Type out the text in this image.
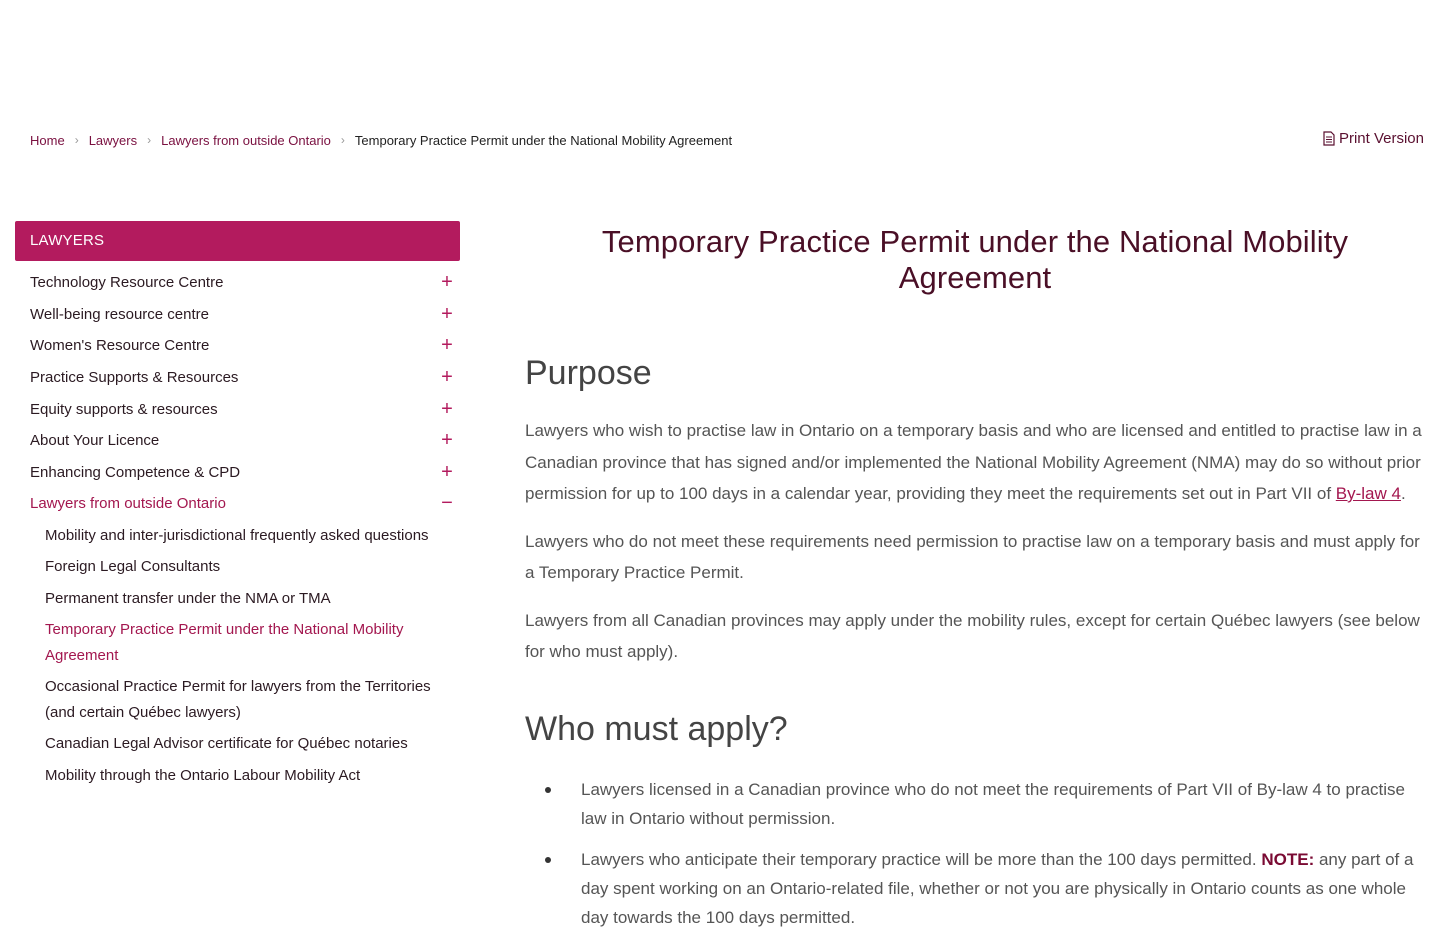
Home › Lawyers › Lawyers from outside Ontario › Temporary Practice Permit under the National Mobility Agreement	Print Version
LAWYERS
Technology Resource Centre	+
Well-being resource centre	+
Women's Resource Centre	+
Practice Supports & Resources	+
Equity supports & resources	+
About Your Licence	+
Enhancing Competence & CPD	+
Lawyers from outside Ontario	−
Mobility and inter-jurisdictional frequently asked questions
Foreign Legal Consultants
Permanent transfer under the NMA or TMA
Temporary Practice Permit under the National Mobility Agreement
Occasional Practice Permit for lawyers from the Territories (and certain Québec lawyers)
Canadian Legal Advisor certificate for Québec notaries
Mobility through the Ontario Labour Mobility Act
Temporary Practice Permit under the National Mobility Agreement
Purpose

Lawyers who wish to practise law in Ontario on a temporary basis and who are licensed and entitled to practise law in a Canadian province that has signed and/or implemented the National Mobility Agreement (NMA) may do so without prior permission for up to 100 days in a calendar year, providing they meet the requirements set out in Part VII of By-law 4.

Lawyers who do not meet these requirements need permission to practise law on a temporary basis and must apply for a Temporary Practice Permit.

Lawyers from all Canadian provinces may apply under the mobility rules, except for certain Québec lawyers (see below for who must apply).

Who must apply?
Lawyers licensed in a Canadian province who do not meet the requirements of Part VII of By-law 4 to practise law in Ontario without permission.
Lawyers who anticipate their temporary practice will be more than the 100 days permitted. NOTE: any part of a day spent working on an Ontario-related file, whether or not you are physically in Ontario counts as one whole day towards the 100 days permitted.
